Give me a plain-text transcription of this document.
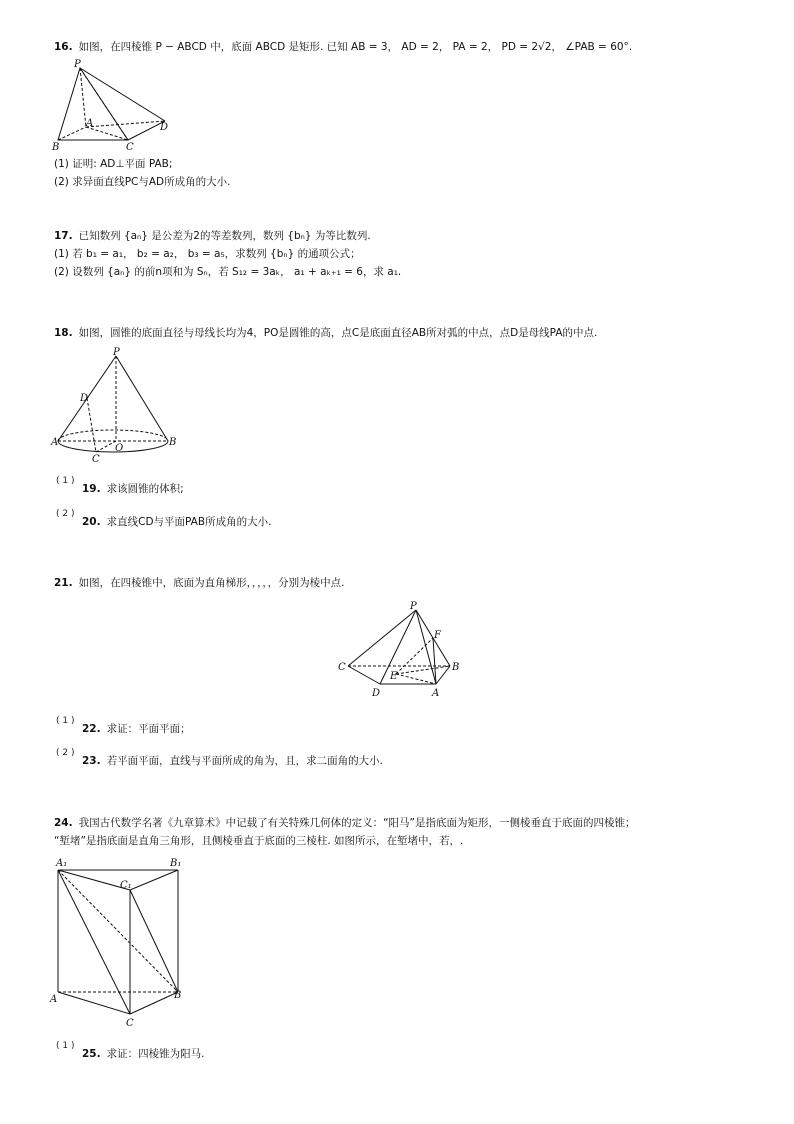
16. 如图，在四棱锥 P − ABCD 中，底面 ABCD 是矩形. 已知 AB = 3， AD = 2， PA = 2， PD = 2√2， ∠PAB = 60°.
P
A
B	C
D
(1) 证明: AD⊥平面 PAB;
(2) 求异面直线PC与AD所成角的大小.
17. 已知数列 {aₙ} 是公差为2的等差数列，数列 {bₙ} 为等比数列.
(1) 若 b₁ = a₁， b₂ = a₂， b₃ = a₅，求数列 {bₙ} 的通项公式；
(2) 设数列 {aₙ} 的前n项和为 Sₙ，若 S₁₂ = 3aₖ， a₁ + aₖ₊₁ = 6，求 a₁.
18. 如图，圆锥的底面直径与母线长均为4，PO是圆锥的高，点C是底面直径AB所对弧的中点，点D是母线PA的中点.
P
D
A
O
B
C
( 1 )
19. 求该圆锥的体积;
( 2 )
20. 求直线CD与平面PAB所成角的大小.
21. 如图，在四棱锥中，底面为直角梯形，，，，，分别为棱中点.
P
F
C
E
B
D	A
( 1 )
22. 求证：平面平面；
( 2 )
23. 若平面平面，直线与平面所成的角为，且，求二面角的大小.
24. 我国古代数学名著《九章算术》中记载了有关特殊几何体的定义：“阳马”是指底面为矩形，一侧棱垂直于底面的四棱锥；
“堑堵”是指底面是直角三角形，且侧棱垂直于底面的三棱柱. 如图所示，在堑堵中，若，.
A₁	B₁
C₁
A	B
C
( 1 )
25. 求证：四棱锥为阳马.
